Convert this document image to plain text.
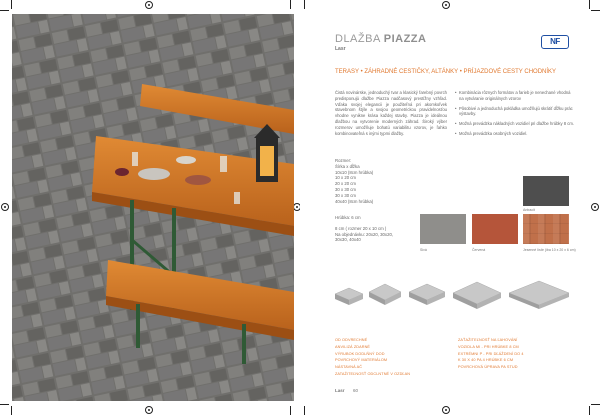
DLAŽBA PIAZZA
Lasr
NF
TERASY • ZÁHRADNÉ CESTIČKY, ALTÁNKY • PRÍJAZDOVÉ CESTY CHODNÍKY
Čistá novinárske, jednoduchý tvar a klasický farebný povrch predisponujú dlažbe Piazza nadčasový prestížny vzhľad. Vďaka svojej elegancii je použiteľná pri akomkoľvek stavebnom štýle a svojou geometrickou pravidelnosťou vhodne vynikne krása každej stavby. Piazza je ideálnou dlažbou na vytvorenie moderných záhrad. Široký výber rozmerov umožňuje bohatú variabilitu vzorov, je ľahko kombinovateľná s inými typmi dlažby.
• Kombinácia rôznych formátov a farieb je nenechané vhodná na vytváranie originálnych vzorov
• Pôsobivé a jednoduchá pokládka umožňujú skrátiť dĺžku prác výstavby.
• Možná prevádzka nákladných vozidiel pri dlažbe hrúbky 8 cm.
• Možná prevádzka osobných vozidiel.
Rozmer:
Šírka x dĺžka
10x10 (8cm hrúbka)
10 x 20 cm
20 x 20 cm
30 x 30 cm
30 x 30 cm
40x40 (8cm hrúbka)
Hrúbka: 6 cm
8 cm ( rozmer 20 x 10 cm )
Na objednávku: 20x20, 30x20,
30x30, 40x40
Antracit
Sivá	Červená	Jesenné lísťe (iba 10 x 20 x 6 cm)
OD ODVRECHNÉ
ANVILIZÁ ZDARNÉ
VÝRUBOK DODLŇNÝ DOD
POVRCHOVÝ MATERIÁLOM
NÁSTAVNÁ AČ
ZATAŽITEĽNOSŤ ODCLNTNÉ V OZDĽAN
ZAŤAŽITEĽNOSŤ NA ĽAHOVÁNÍ
VOZIDLA MI - PRI HRÚBKE 8 CM
EXTRÉMNI P - PRI DĽÁŽDENÍ DO 4
K 30 X 40 PA 4 HRÚBKE 6 CM
POVRCHOVÁ ÚPRAVA PA STUD
Lasr 60
